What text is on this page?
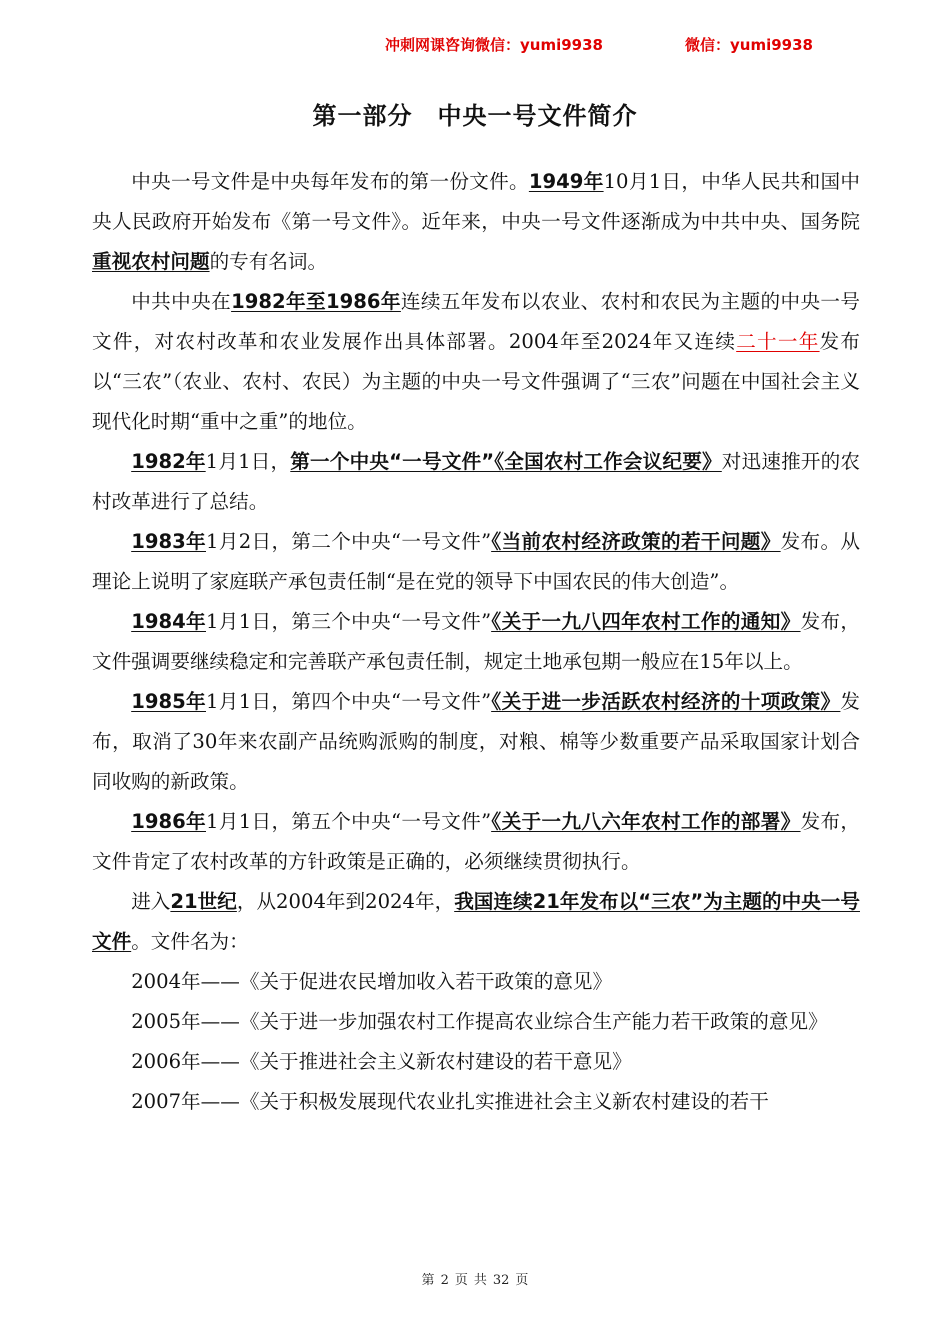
冲刺网课咨询微信：yumi9938	微信：yumi9938
第一部分　中央一号文件简介

中央一号文件是中央每年发布的第一份文件。1949年10月1日，中华人民共和国中央人民政府开始发布《第一号文件》。近年来，中央一号文件逐渐成为中共中央、国务院重视农村问题的专有名词。

中共中央在1982年至1986年连续五年发布以农业、农村和农民为主题的中央一号文件，对农村改革和农业发展作出具体部署。2004年至2024年又连续二十一年发布以“三农”（农业、农村、农民）为主题的中央一号文件强调了“三农”问题在中国社会主义现代化时期“重中之重”的地位。

1982年1月1日，第一个中央“一号文件”《全国农村工作会议纪要》对迅速推开的农村改革进行了总结。

1983年1月2日，第二个中央“一号文件”《当前农村经济政策的若干问题》发布。从理论上说明了家庭联产承包责任制“是在党的领导下中国农民的伟大创造”。

1984年1月1日，第三个中央“一号文件”《关于一九八四年农村工作的通知》发布，文件强调要继续稳定和完善联产承包责任制，规定土地承包期一般应在15年以上。

1985年1月1日，第四个中央“一号文件”《关于进一步活跃农村经济的十项政策》发布，取消了30年来农副产品统购派购的制度，对粮、棉等少数重要产品采取国家计划合同收购的新政策。

1986年1月1日，第五个中央“一号文件”《关于一九八六年农村工作的部署》发布，文件肯定了农村改革的方针政策是正确的，必须继续贯彻执行。

进入21世纪，从2004年到2024年，我国连续21年发布以“三农”为主题的中央一号文件。文件名为：

2004年——《关于促进农民增加收入若干政策的意见》

2005年——《关于进一步加强农村工作提高农业综合生产能力若干政策的意见》

2006年——《关于推进社会主义新农村建设的若干意见》

2007年——《关于积极发展现代农业扎实推进社会主义新农村建设的若干

第 2 页 共 32 页
